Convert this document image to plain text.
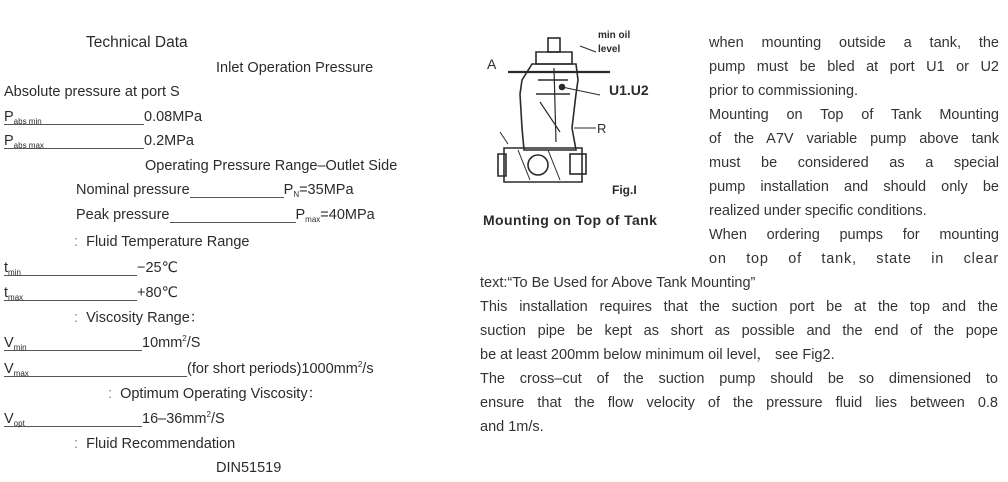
Technical Data
Inlet Operation Pressure
Absolute pressure at port S
$P_{abs min}$	0.08MPa
$P_{abs max}$	0.2MPa
Operating Pressure Range–Outlet Side
Nominal pressure	$P_N=35MPa$
Peak pressure	$P_{max}=40MPa$
: Fluid Temperature Range
$t_{min}$	−25℃
$t_{max}$	+80℃
: Viscosity Range：
$V_{min}$	$10mm^2/S$
$V_{max}$	(for short $periods)1000mm^2/s$
: Optimum Operating Viscosity：
$V_{opt}$	$16-36mm^2/S$
: Fluid Recommendation
DIN51519
A
min oil
level
U1.U2
R
Fig.I
Mounting on Top of Tank
when mounting outside a tank, the
pump must be bled at port U1 or U2
prior to commissioning.
Mounting on Top of Tank Mounting
of the A7V variable pump above tank
must be considered as a special
pump installation and should only be
realized under specific conditions.
When ordering pumps for mounting
on top of tank, state in clear
text:“To Be Used for Above Tank Mounting”
This installation requires that the suction port be at the top and the
suction pipe be kept as short as possible and the end of the pope
be at least 200mm below minimum oil level， see Fig2.
The cross–cut of the suction pump should be so dimensioned to
ensure that the flow velocity of the pressure fluid lies between 0.8
and 1m/s.
